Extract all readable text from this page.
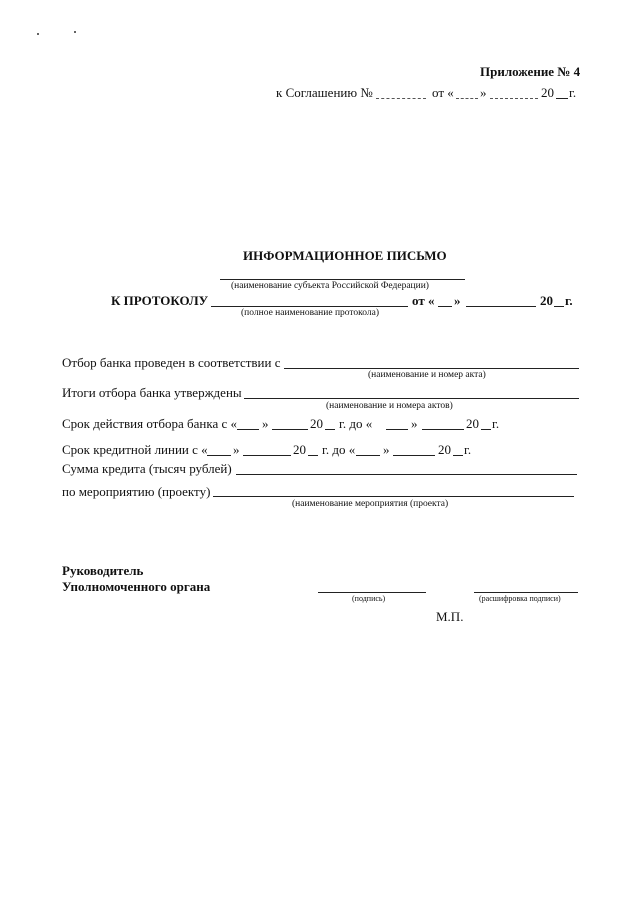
Приложение № 4
к Соглашению №	от « »	20 г.
ИНФОРМАЦИОННОЕ ПИСЬМО
(наименование субъекта Российской Федерации)
К ПРОТОКОЛУ	от « »	20 г.
(полное наименование протокола)
Отбор банка проведен в соответствии с
(наименование и номер акта)
Итоги отбора банка утверждены
(наименование и номера актов)
Срок действия отбора банка с « »	20 г. до «	»	20 г.
Срок кредитной линии с « »	20 г. до « »	20 г.
Сумма кредита (тысяч рублей)
по мероприятию (проекту)
(наименование мероприятия (проекта)
Руководитель
Уполномоченного органа
(подпись)	(расшифровка подписи)
М.П.
